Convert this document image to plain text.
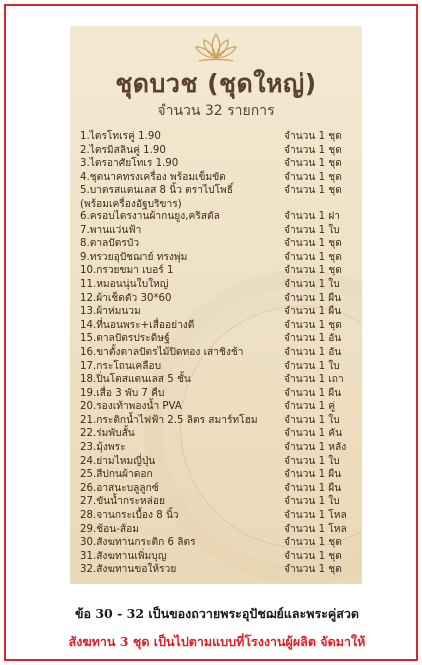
ชุดบวช (ชุดใหญ่)
จำนวน 32 รายการ
1.ไตรโทเรคู่ 1.90	จำนวน 1 ชุด
2.ไตรมิสลินคู่ 1.90	จำนวน 1 ชุด
3.ไตรอาศัยโทเร 1.90	จำนวน 1 ชุด
4.ชุดนาคทรงเครื่อง พร้อมเข็มขัด	จำนวน 1 ชุด
5.บาตรสแตนเลส 8 นิ้ว ตราไปโพธิ์	จำนวน 1 ชุด
(พร้อมเครื่องอัฐบริขาร)
6.ครอบไตรงานผ้ากนยูง,คริสตัล	จำนวน 1 ฝา
7.พานแว่นฟ้า	จำนวน 1 ใบ
8.ตาลปัตรบัว	จำนวน 1 ชุด
9.ทรวยอุปัชฌาย์ ทรงพุ่ม	จำนวน 1 ชุด
10.กรวยขมา เบอร์ 1	จำนวน 1 ชุด
11.หมอนนุ่นใบใหญ่	จำนวน 1 ใบ
12.ผ้าเช็ดตัว 30*60	จำนวน 1 ผืน
13.ผ้าห่มนวม	จำนวน 1 ผืน
14.ที่นอนพระ+เสื่ออย่างดี	จำนวน 1 ชุด
15.ตาลปัตรประดิษฐ์	จำนวน 1 อัน
16.ขาตั้งตาลปัตรไม้ปิดทอง เสาชิงช้า	จำนวน 1 อัน
17.กระโถนเคลือบ	จำนวน 1 ใบ
18.ปิ่นโตสแตนเลส 5 ชั้น	จำนวน 1 เถา
19.เสื่อ 3 พับ 7 คืบ	จำนวน 1 ผืน
20.รองเท้าพองน้ำ PVA	จำนวน 1 คู่
21.กระติกน้ำไฟฟ้า 2.5 ลิตร สมาร์ทโฮม	จำนวน 1 ใบ
22.ร่มพับสั้น	จำนวน 1 คัน
23.มุ้งพระ	จำนวน 1 หลัง
24.ย่ามไหมญี่ปุ่น	จำนวน 1 ใบ
25.สีปกนผ้าดอก	จำนวน 1 ผืน
26.อาสนะบลูลูกซ์	จำนวน 1 ผืน
27.ขันน้ำกระหล่อย	จำนวน 1 ใบ
28.จานกระเบื้อง 8 นิ้ว	จำนวน 1 โหล
29.ช้อน-ส้อม	จำนวน 1 โหล
30.สังฆทานกระติก 6 ลิตร	จำนวน 1 ชุด
31.สังฆทานเพิ่มบุญ	จำนวน 1 ชุด
32.สังฆทานขอให้รวย	จำนวน 1 ชุด
ข้อ 30 - 32 เป็นของถวายพระอุปัชฌย์และพระคู่สวด
สังฆทาน 3 ชุด เป็นไปตามแบบที่โรงงานผู้ผลิต จัดมาให้
